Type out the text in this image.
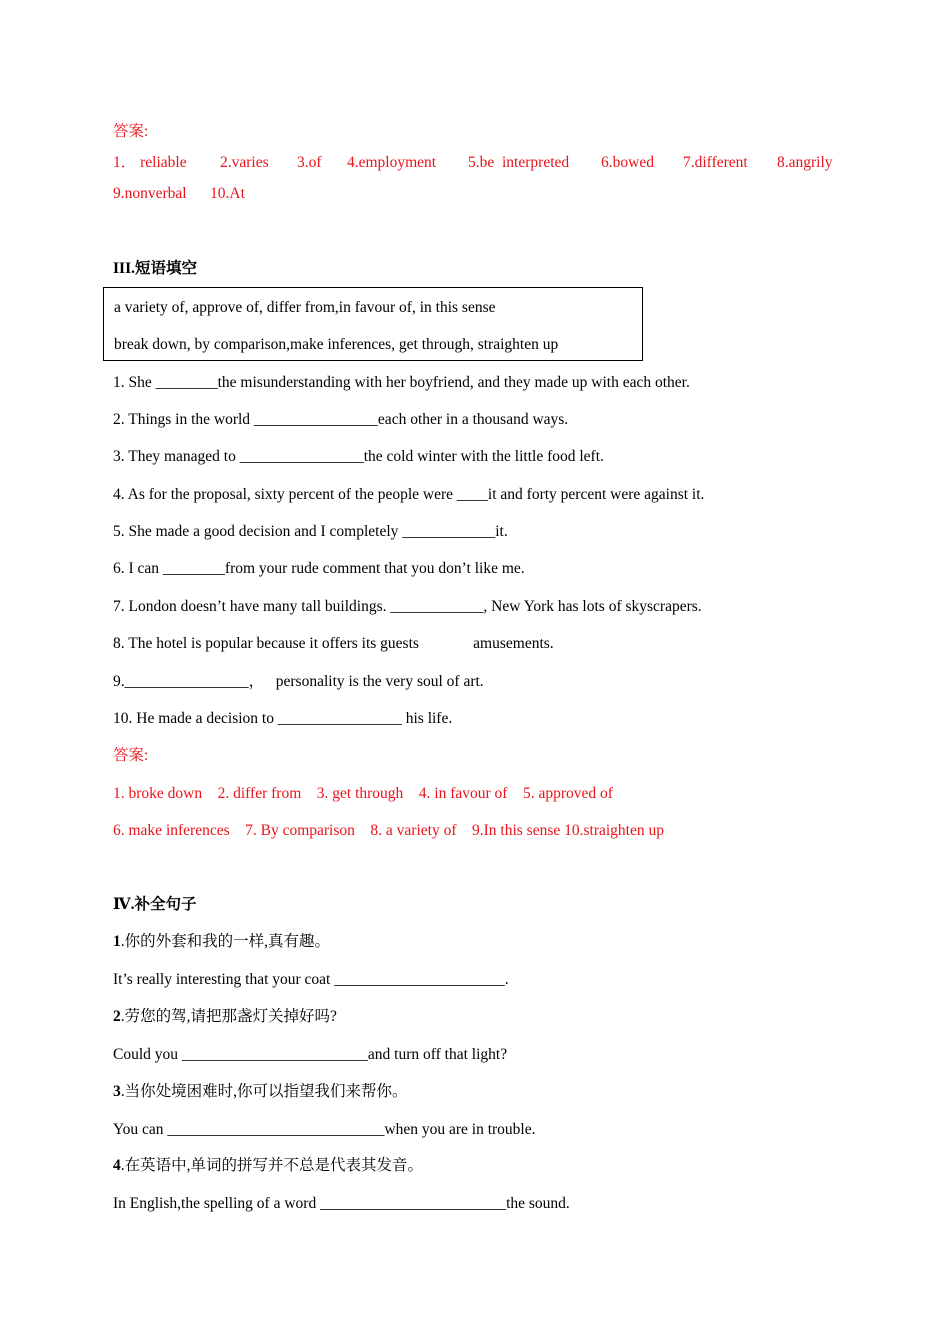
答案:
1． reliable 2.varies 3.of 4.employment 5.be  interpreted 6.bowed 7.different 8.angrily
9.nonverbal 10.At
III.短语填空
a variety of, approve of, differ from,in favour of, in this sense
break down, by comparison,make inferences, get through, straighten up
1. She ________the misunderstanding with her boyfriend, and they made up with each other.
2. Things in the world ________________each other in a thousand ways.
3. They managed to ________________the cold winter with the little food left.
4. As for the proposal, sixty percent of the people were ____it and forty percent were against it.
5. She made a good decision and I completely ____________it.
6. I can ________from your rude comment that you don’t like me.
7. London doesn’t have many tall buildings. ____________, New York has lots of skyscrapers.
8. The hotel is popular because it offers its guests              amusements.
9.________________，   personality is the very soul of art.
10. He made a decision to ________________ his life.
答案:
1. broke down    2. differ from    3. get through    4. in favour of    5. approved of
6. make inferences    7. By comparison    8. a variety of    9.In this sense 10.straighten up
Ⅳ.补全句子
1.你的外套和我的一样,真有趣。
It’s really interesting that your coat ______________________.
2.劳您的驾,请把那盏灯关掉好吗?
Could you ________________________and turn off that light?
3.当你处境困难时,你可以指望我们来帮你。
You can ____________________________when you are in trouble.
4.在英语中,单词的拼写并不总是代表其发音。
In English,the spelling of a word ________________________the sound.
